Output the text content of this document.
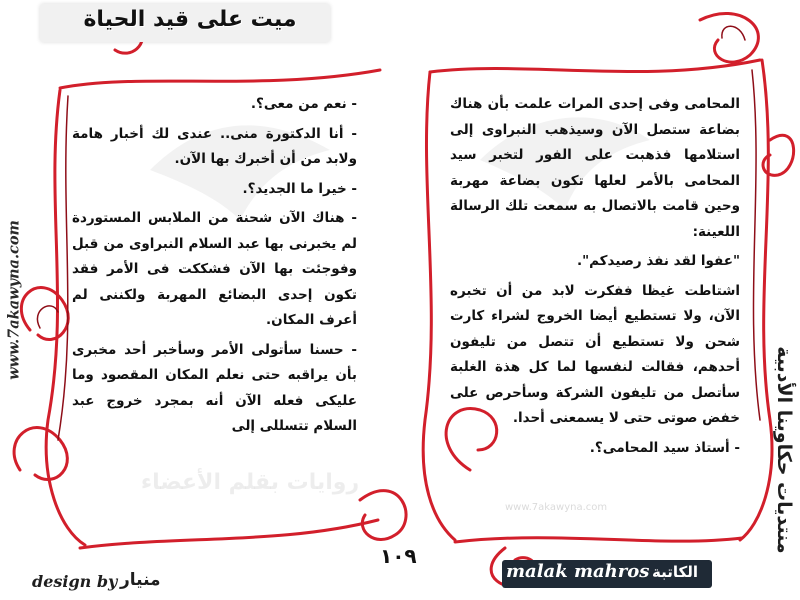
ميت على قيد الحياة
روايات بقلم الأعضاء
www.7akawyna.com

- نعم من معى؟.

- أنا الدكتورة منى.. عندى لك أخبار هامة ولابد من أن أخبرك بها الآن.

- خيرا ما الجديد؟.

- هناك الآن شحنة من الملابس المستوردة لم يخبرنى بها عبد السلام النبراوى من قبل وفوجئت بها الآن فشككت فى الأمر فقد تكون إحدى البضائع المهربة ولكننى لم أعرف المكان.

- حسنا سأتولى الأمر وسأخبر أحد مخبرى بأن يراقبه حتى نعلم المكان المقصود وما عليكى فعله الآن أنه بمجرد خروج عبد السلام تتسللى إلى

المحامى وفى إحدى المرات علمت بأن هناك بضاعة ستصل الآن وسيذهب النبراوى إلى استلامها فذهبت على الفور لتخبر سيد المحامى بالأمر لعلها تكون بضاعة مهربة وحين قامت بالاتصال به سمعت تلك الرسالة اللعينة:

"عفوا لقد نفذ رصيدكم".

اشتاطت غيظا ففكرت لابد من أن تخبره الآن، ولا تستطيع أيضا الخروج لشراء كارت شحن ولا تستطيع أن تتصل من تليفون أحدهم، فقالت لنفسها لما كل هذة الغلبة سأتصل من تليفون الشركة وسأحرص على خفض صوتى حتى لا يسمعنى أحدا.

- أستاذ سيد المحامى؟.

١٠٩
www.7akawyna.com
منتديات حكاوينا الأدبية
malak mahros الكاتبة
design by منيار
